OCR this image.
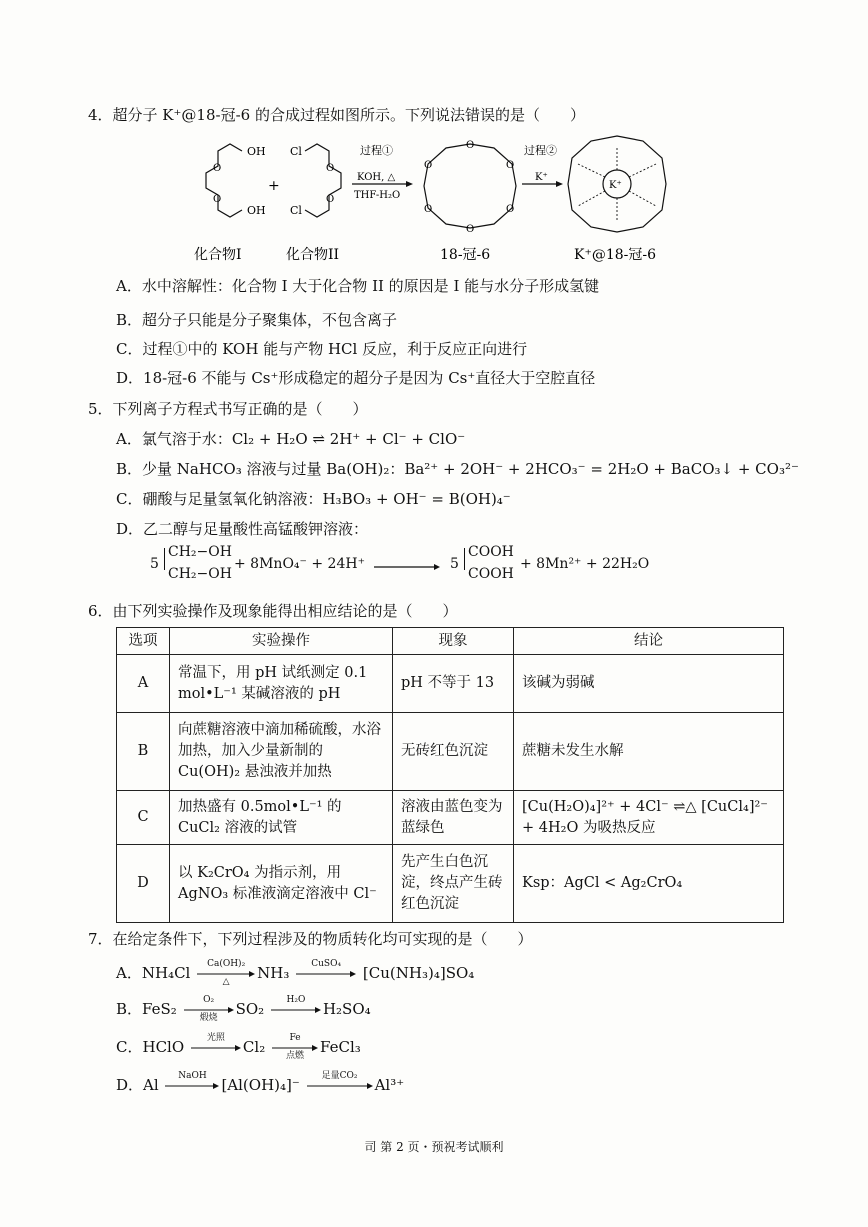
4．超分子 K⁺@18-冠-6 的合成过程如图所示。下列说法错误的是（　　）
OH
OH
O
O
+
Cl
Cl
O
O
过程①
KOH, △
THF-H₂O
O
O
O
O
O
O
过程②
K⁺
K⁺
化合物I	化合物II	18-冠-6	K⁺@18-冠-6
A．水中溶解性：化合物 I 大于化合物 II 的原因是 I 能与水分子形成氢键
B．超分子只能是分子聚集体，不包含离子
C．过程①中的 KOH 能与产物 HCl 反应，利于反应正向进行
D．18-冠-6 不能与 Cs⁺形成稳定的超分子是因为 Cs⁺直径大于空腔直径
5．下列离子方程式书写正确的是（　　）
A．氯气溶于水：Cl₂ + H₂O ⇌ 2H⁺ + Cl⁻ + ClO⁻
B．少量 NaHCO₃ 溶液与过量 Ba(OH)₂：Ba²⁺ + 2OH⁻ + 2HCO₃⁻ = 2H₂O + BaCO₃↓ + CO₃²⁻
C．硼酸与足量氢氧化钠溶液：H₃BO₃ + OH⁻ = B(OH)₄⁻
D．乙二醇与足量酸性高锰酸钾溶液：
5
CH₂−OH
CH₂−OH
+ 8MnO₄⁻ + 24H⁺	5
COOH
COOH
+ 8Mn²⁺ + 22H₂O
6．由下列实验操作及现象能得出相应结论的是（　　）
选项	实验操作	现象	结论
A	常温下，用 pH 试纸测定 0.1 mol•L⁻¹ 某碱溶液的 pH	pH 不等于 13	该碱为弱碱
B	向蔗糖溶液中滴加稀硫酸，水浴加热，加入少量新制的 Cu(OH)₂ 悬浊液并加热	无砖红色沉淀	蔗糖未发生水解
C	加热盛有 0.5mol•L⁻¹ 的 CuCl₂ 溶液的试管	溶液由蓝色变为蓝绿色	[Cu(H₂O)₄]²⁺ + 4Cl⁻ ⇌△ [CuCl₄]²⁻ + 4H₂O 为吸热反应
D	以 K₂CrO₄ 为指示剂，用 AgNO₃ 标准液滴定溶液中 Cl⁻	先产生白色沉淀，终点产生砖红色沉淀	Ksp：AgCl < Ag₂CrO₄
7．在给定条件下，下列过程涉及的物质转化均可实现的是（　　）
A．NH₄Cl	Ca(OH)₂
△	NH₃	CuSO₄	[Cu(NH₃)₄]SO₄
B．FeS₂	O₂
煅烧	SO₂	H₂O	H₂SO₄
C．HClO	光照	Cl₂	Fe
点燃	FeCl₃
D．Al	NaOH [Al(OH)₄]⁻	足量CO₂	Al³⁺
司 第 2 页・预祝考试顺利
